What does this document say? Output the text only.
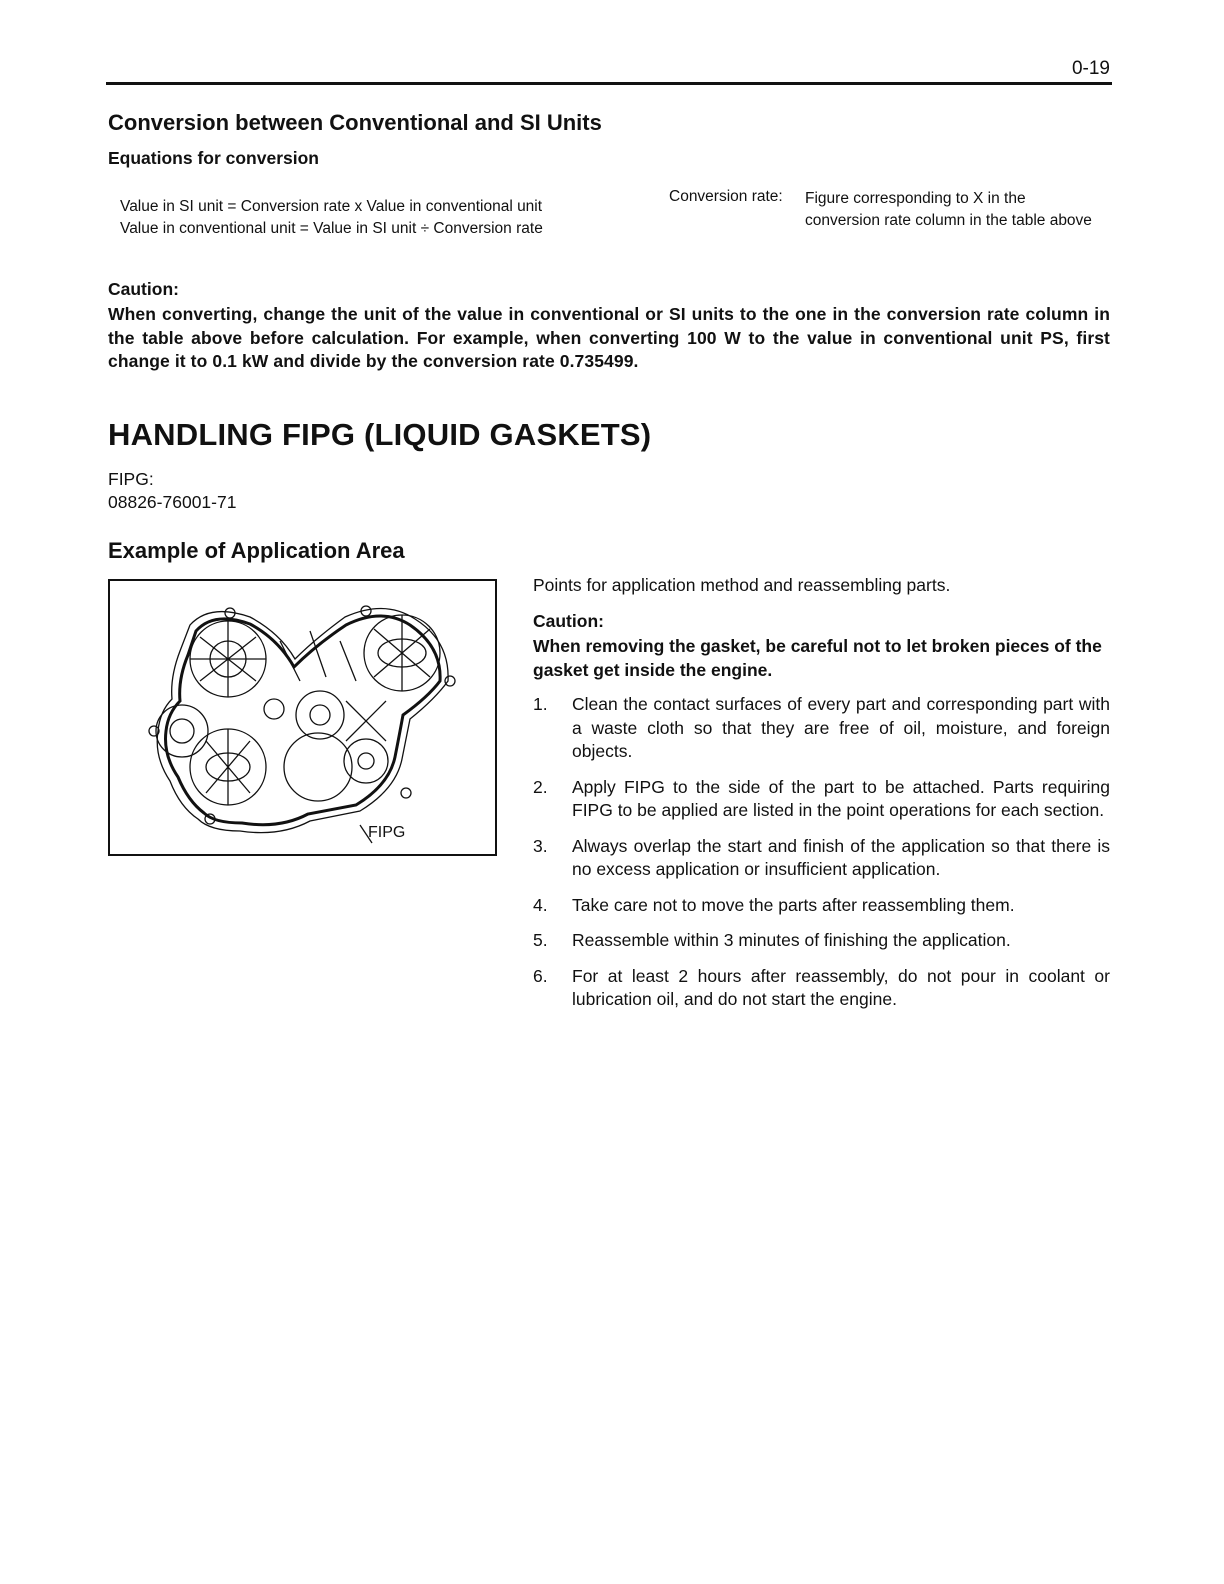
0-19
Conversion between Conventional and SI Units
Equations for conversion
Value in SI unit = Conversion rate x Value in conventional unit
Value in conventional unit = Value in SI unit ÷ Conversion rate
Conversion rate: Figure corresponding to X in the conversion rate column in the table above
Caution:
When converting, change the unit of the value in conventional or SI units to the one in the conversion rate column in the table above before calculation. For example, when converting 100 W to the value in conventional unit PS, first change it to 0.1 kW and divide by the conversion rate 0.735499.
HANDLING FIPG (LIQUID GASKETS)
FIPG:
08826-76001-71
Example of Application Area
FIPG
Points for application method and reassembling parts.
Caution:
When removing the gasket, be careful not to let broken pieces of the gasket get inside the engine.
1.	Clean the contact surfaces of every part and corresponding part with a waste cloth so that they are free of oil, moisture, and foreign objects.
2.	Apply FIPG to the side of the part to be attached. Parts requiring FIPG to be applied are listed in the point operations for each section.
3.	Always overlap the start and finish of the application so that there is no excess application or insufficient application.
4.	Take care not to move the parts after reassembling them.
5.	Reassemble within 3 minutes of finishing the application.
6.	For at least 2 hours after reassembly, do not pour in coolant or lubrication oil, and do not start the engine.
